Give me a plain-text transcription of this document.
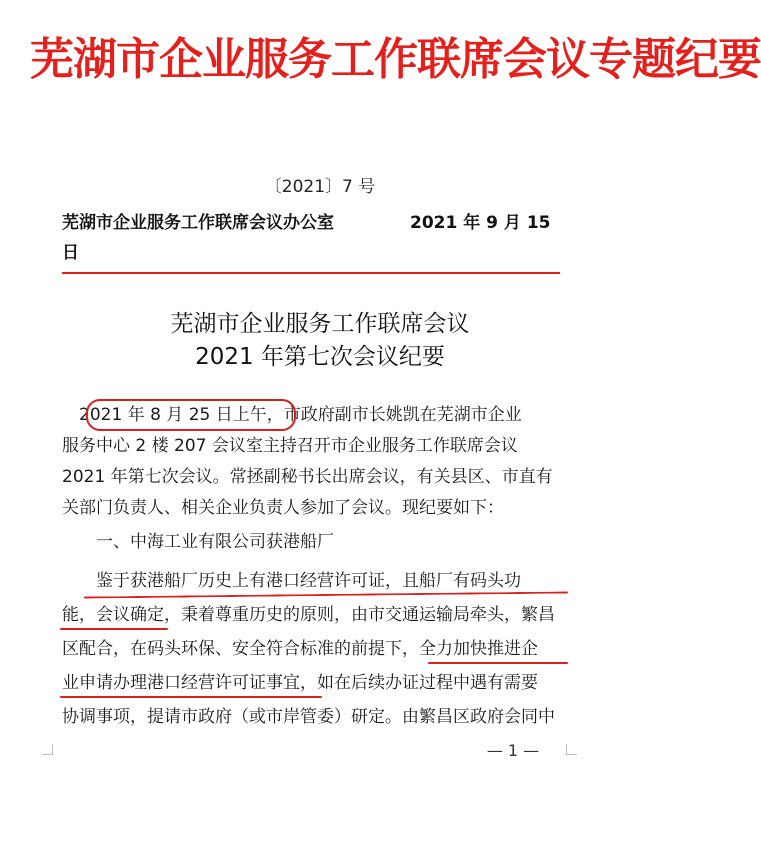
芜湖市企业服务工作联席会议专题纪要
〔2021〕7 号
芜湖市企业服务工作联席会议办公室	2021 年 9 月 15
日
芜湖市企业服务工作联席会议
2021 年第七次会议纪要
　2021 年 8 月 25 日上午，市政府副市长姚凯在芜湖市企业
服务中心 2 楼 207 会议室主持召开市企业服务工作联席会议
2021 年第七次会议。常拯副秘书长出席会议，有关县区、市直有
关部门负责人、相关企业负责人参加了会议。现纪要如下：
　　一、中海工业有限公司获港船厂
　　鉴于获港船厂历史上有港口经营许可证，且船厂有码头功
能，会议确定，秉着尊重历史的原则，由市交通运输局牵头，繁昌
区配合，在码头环保、安全符合标准的前提下，全力加快推进企
业申请办理港口经营许可证事宜，如在后续办证过程中遇有需要
协调事项，提请市政府（或市岸管委）研定。由繁昌区政府会同中
— 1 —
